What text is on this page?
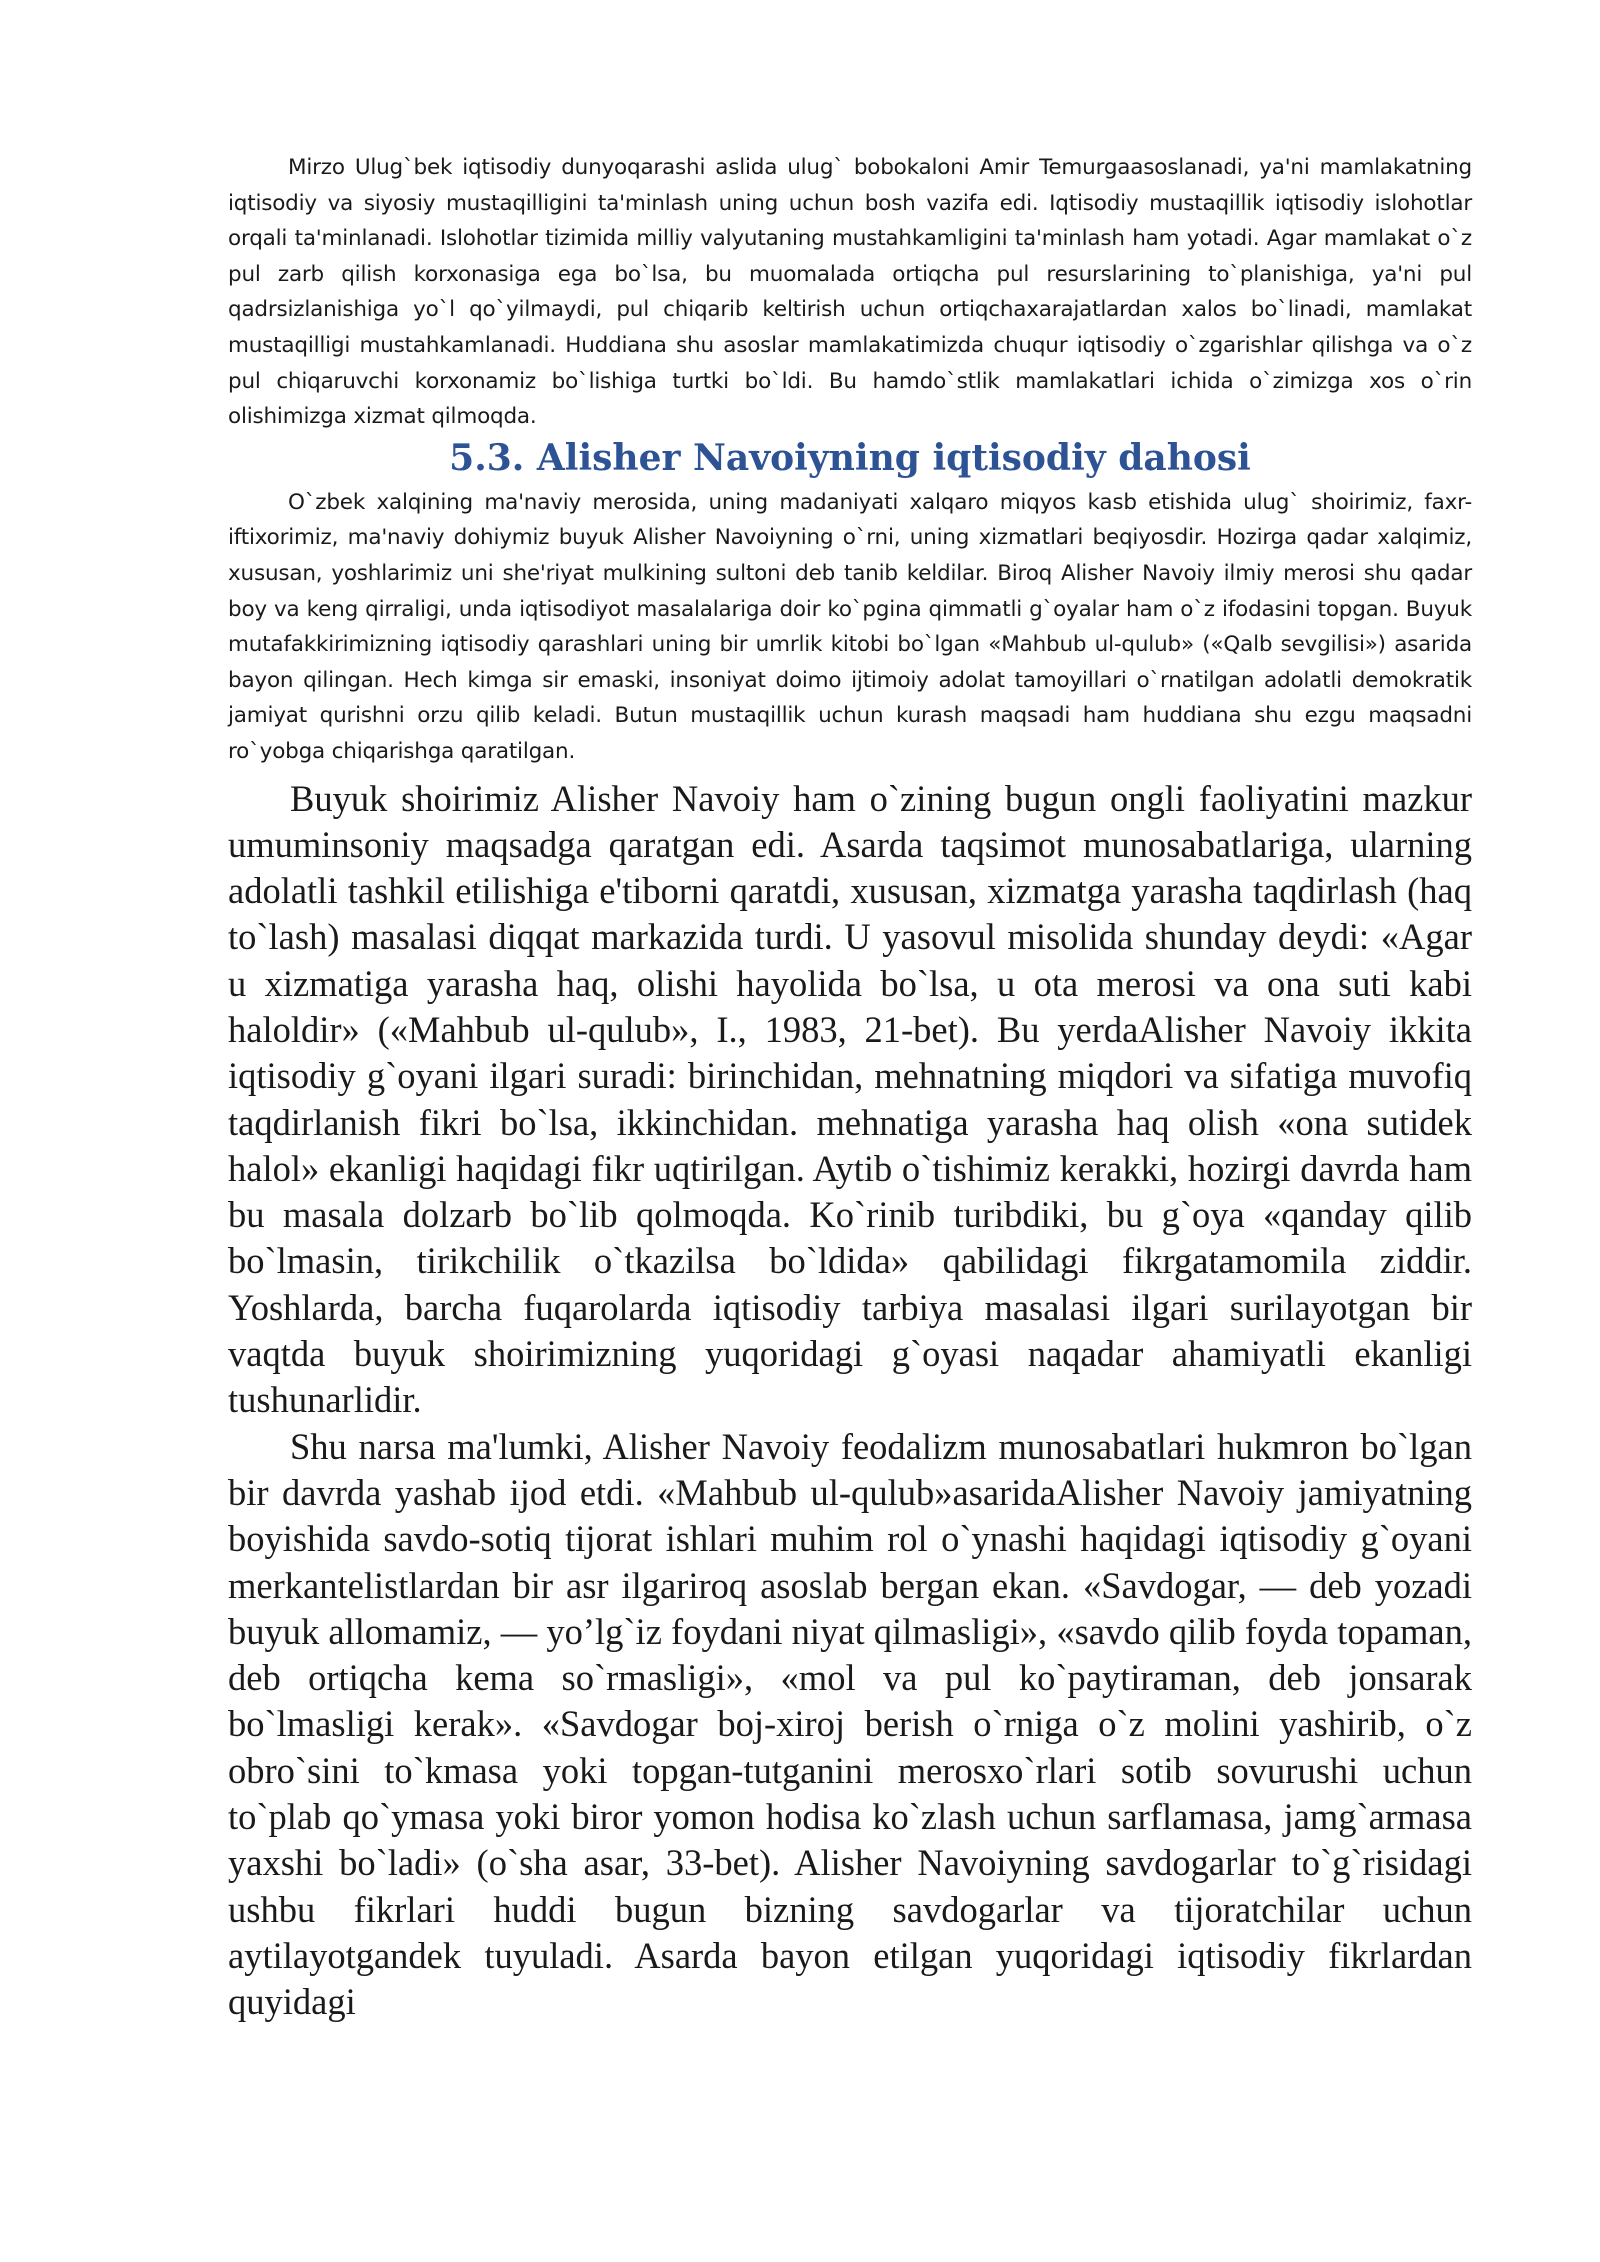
Mirzo Ulug`bek iqtisodiy dunyoqarashi aslida ulug` bobokaloni Amir Temurgaasoslanadi, ya'ni mamlakatning iqtisodiy va siyosiy mustaqilligini ta'minlash uning uchun bosh vazifa edi. Iqtisodiy mustaqillik iqtisodiy islohotlar orqali ta'minlanadi. Islohotlar tizimida milliy valyutaning mustahkamligini ta'minlash ham yotadi. Agar mamlakat o`z pul zarb qilish korxonasiga ega bo`lsa, bu muomalada ortiqcha pul resurslarining to`planishiga, ya'ni pul qadrsizlanishiga yo`l qo`yilmaydi, pul chiqarib keltirish uchun ortiqchaxarajatlardan xalos bo`linadi, mamlakat mustaqilligi mustahkamlanadi. Huddiana shu asoslar mamlakatimizda chuqur iqtisodiy o`zgarishlar qilishga va o`z pul chiqaruvchi korxonamiz bo`lishiga turtki bo`ldi. Bu hamdo`stlik mamlakatlari ichida o`zimizga xos o`rin olishimizga xizmat qilmoqda.

5.3. Alisher Navoiyning iqtisodiy dahosi

O`zbek xalqining ma'naviy merosida, uning madaniyati xalqaro miqyos kasb etishida ulug` shoirimiz, faxr-iftixorimiz, ma'naviy dohiymiz buyuk Alisher Navoiyning o`rni, uning xizmatlari beqiyosdir. Hozirga qadar xalqimiz, xususan, yoshlarimiz uni she'riyat mulkining sultoni deb tanib keldilar. Biroq Alisher Navoiy ilmiy merosi shu qadar boy va keng qirraligi, unda iqtisodiyot masalalariga doir ko`pgina qimmatli g`oyalar ham o`z ifodasini topgan. Buyuk mutafakkirimizning iqtisodiy qarashlari uning bir umrlik kitobi bo`lgan «Mahbub ul-qulub» («Qalb sevgilisi») asarida bayon qilingan. Hech kimga sir emaski, insoniyat doimo ijtimoiy adolat tamoyillari o`rnatilgan adolatli demokratik jamiyat qurishni orzu qilib keladi. Butun mustaqillik uchun kurash maqsadi ham huddiana shu ezgu maqsadni ro`yobga chiqarishga qaratilgan.

Buyuk shoirimiz Alisher Navoiy ham o`zining bugun ongli faoliyatini mazkur umuminsoniy maqsadga qaratgan edi. Asarda taqsimot munosabatlariga, ularning adolatli tashkil etilishiga e'tiborni qaratdi, xususan, xizmatga yarasha taqdirlash (haq to`lash) masalasi diqqat markazida turdi. U yasovul misolida shunday deydi: «Agar u xizmatiga yarasha haq, olishi hayolida bo`lsa, u ota merosi va ona suti kabi haloldir» («Mahbub ul-qulub», I., 1983, 21-bet). Bu yerdaAlisher Navoiy ikkita iqtisodiy g`oyani ilgari suradi: birinchidan, mehnatning miqdori va sifatiga muvofiq taqdirlanish fikri bo`lsa, ikkinchidan. mehnatiga yarasha haq olish «ona sutidek halol» ekanligi haqidagi fikr uqtirilgan. Aytib o`tishimiz kerakki, hozirgi davrda ham bu masala dolzarb bo`lib qolmoqda. Ko`rinib turibdiki, bu g`oya «qanday qilib bo`lmasin, tirikchilik o`tkazilsa bo`ldida» qabilidagi fikrgatamomila ziddir. Yoshlarda, barcha fuqarolarda iqtisodiy tarbiya masalasi ilgari surilayotgan bir vaqtda buyuk shoirimizning yuqoridagi g`oyasi naqadar ahamiyatli ekanligi tushunarlidir.

Shu narsa ma'lumki, Alisher Navoiy feodalizm munosabatlari hukmron bo`lgan bir davrda yashab ijod etdi. «Mahbub ul-qulub»asaridaAlisher Navoiy jamiyatning boyishida savdo-sotiq tijorat ishlari muhim rol o`ynashi haqidagi iqtisodiy g`oyani merkantelistlardan bir asr ilgariroq asoslab bergan ekan. «Savdogar, — deb yozadi buyuk allomamiz, — yo’lg`iz foydani niyat qilmasligi», «savdo qilib foyda topaman, deb ortiqcha kema so`rmasligi», «mol va pul ko`paytiraman, deb jonsarak bo`lmasligi kerak». «Savdogar boj-xiroj berish o`rniga o`z molini yashirib, o`z obro`sini to`kmasa yoki topgan-tutganini merosxo`rlari sotib sovurushi uchun to`plab qo`ymasa yoki biror yomon hodisa ko`zlash uchun sarflamasa, jamg`armasa yaxshi bo`ladi» (o`sha asar, 33-bet). Alisher Navoiyning savdogarlar to`g`risidagi ushbu fikrlari huddi bugun bizning savdogarlar va tijoratchilar uchun aytilayotgandek tuyuladi. Asarda bayon etilgan yuqoridagi iqtisodiy fikrlardan quyidagi
